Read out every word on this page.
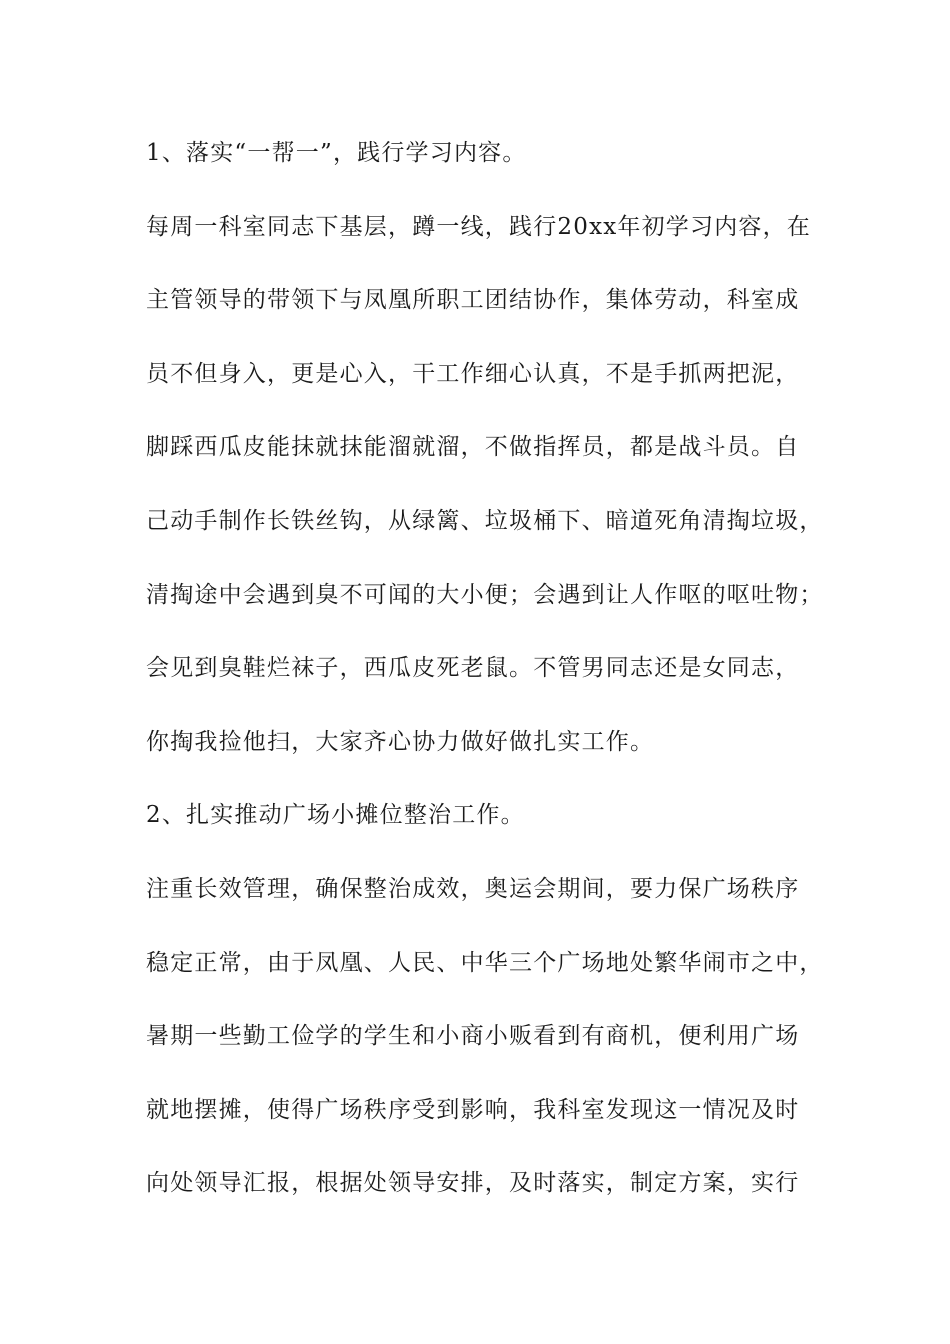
1、落实“一帮一”，践行学习内容。
每周一科室同志下基层，蹲一线，践行20xx年初学习内容，在
主管领导的带领下与凤凰所职工团结协作，集体劳动，科室成
员不但身入，更是心入，干工作细心认真，不是手抓两把泥，
脚踩西瓜皮能抹就抹能溜就溜，不做指挥员，都是战斗员。自
己动手制作长铁丝钩，从绿篱、垃圾桶下、暗道死角清掏垃圾，
清掏途中会遇到臭不可闻的大小便；会遇到让人作呕的呕吐物；
会见到臭鞋烂袜子，西瓜皮死老鼠。不管男同志还是女同志，
你掏我捡他扫，大家齐心协力做好做扎实工作。
2、扎实推动广场小摊位整治工作。
注重长效管理，确保整治成效，奥运会期间，要力保广场秩序
稳定正常，由于凤凰、人民、中华三个广场地处繁华闹市之中，
暑期一些勤工俭学的学生和小商小贩看到有商机，便利用广场
就地摆摊，使得广场秩序受到影响，我科室发现这一情况及时
向处领导汇报，根据处领导安排，及时落实，制定方案，实行
